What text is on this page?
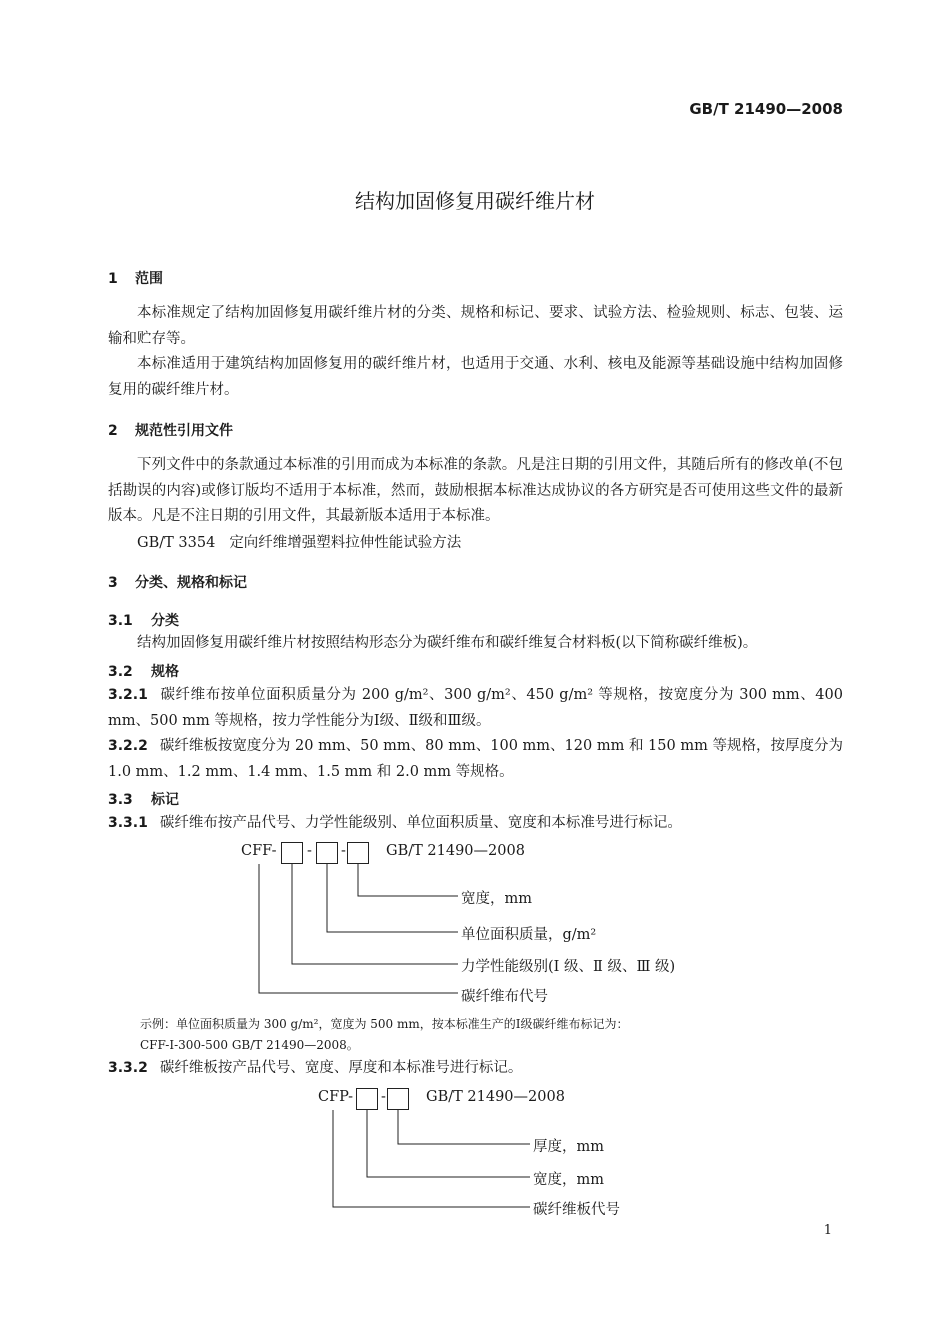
GB/T 21490—2008
结构加固修复用碳纤维片材
1 范围
本标准规定了结构加固修复用碳纤维片材的分类、规格和标记、要求、试验方法、检验规则、标志、包装、运输和贮存等。
本标准适用于建筑结构加固修复用的碳纤维片材，也适用于交通、水利、核电及能源等基础设施中结构加固修复用的碳纤维片材。
2 规范性引用文件
下列文件中的条款通过本标准的引用而成为本标准的条款。凡是注日期的引用文件，其随后所有的修改单(不包括勘误的内容)或修订版均不适用于本标准，然而，鼓励根据本标准达成协议的各方研究是否可使用这些文件的最新版本。凡是不注日期的引用文件，其最新版本适用于本标准。
GB/T 3354 定向纤维增强塑料拉伸性能试验方法
3 分类、规格和标记
3.1 分类
结构加固修复用碳纤维片材按照结构形态分为碳纤维布和碳纤维复合材料板(以下简称碳纤维板)。
3.2 规格
3.2.1 碳纤维布按单位面积质量分为 200 g/m²、300 g/m²、450 g/m² 等规格，按宽度分为 300 mm、400 mm、500 mm 等规格，按力学性能分为Ⅰ级、Ⅱ级和Ⅲ级。
3.2.2 碳纤维板按宽度分为 20 mm、50 mm、80 mm、100 mm、120 mm 和 150 mm 等规格，按厚度分为 1.0 mm、1.2 mm、1.4 mm、1.5 mm 和 2.0 mm 等规格。
3.3 标记
3.3.1 碳纤维布按产品代号、力学性能级别、单位面积质量、宽度和本标准号进行标记。
CFF- - -	GB/T 21490—2008
宽度，mm
单位面积质量，g/m²
力学性能级别(Ⅰ 级、Ⅱ 级、Ⅲ 级)
碳纤维布代号
示例：单位面积质量为 300 g/m²，宽度为 500 mm，按本标准生产的Ⅰ级碳纤维布标记为：
CFF-Ⅰ-300-500 GB/T 21490—2008。
3.3.2 碳纤维板按产品代号、宽度、厚度和本标准号进行标记。
CFP- -	GB/T 21490—2008
厚度，mm
宽度，mm
碳纤维板代号
1
